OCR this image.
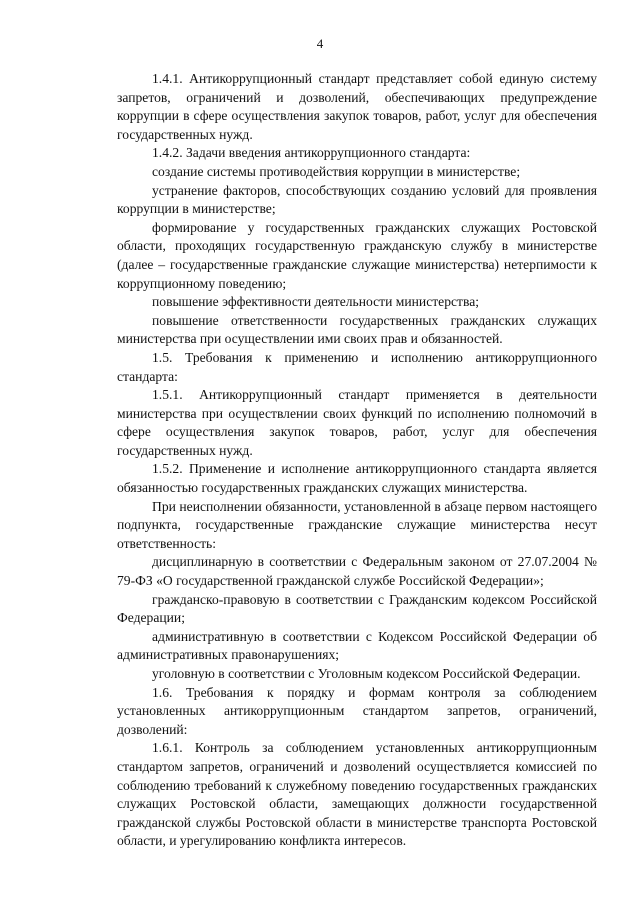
4

1.4.1. Антикоррупционный стандарт представляет собой единую систему запретов, ограничений и дозволений, обеспечивающих предупреждение коррупции в сфере осуществления закупок товаров, работ, услуг для обеспечения государственных нужд.

1.4.2. Задачи введения антикоррупционного стандарта:

создание системы противодействия коррупции в министерстве;

устранение факторов, способствующих созданию условий для проявления коррупции в министерстве;

формирование у государственных гражданских служащих Ростовской области, проходящих государственную гражданскую службу в министерстве (далее – государственные гражданские служащие министерства) нетерпимости к коррупционному поведению;

повышение эффективности деятельности министерства;

повышение ответственности государственных гражданских служащих министерства при осуществлении ими своих прав и обязанностей.

1.5. Требования к применению и исполнению антикоррупционного стандарта:

1.5.1. Антикоррупционный стандарт применяется в деятельности министерства при осуществлении своих функций по исполнению полномочий в сфере осуществления закупок товаров, работ, услуг для обеспечения государственных нужд.

1.5.2. Применение и исполнение антикоррупционного стандарта является обязанностью государственных гражданских служащих министерства.

При неисполнении обязанности, установленной в абзаце первом настоящего подпункта, государственные гражданские служащие министерства несут ответственность:

дисциплинарную в соответствии с Федеральным законом от 27.07.2004 № 79-ФЗ «О государственной гражданской службе Российской Федерации»;

гражданско-правовую в соответствии с Гражданским кодексом Российской Федерации;

административную в соответствии с Кодексом Российской Федерации об административных правонарушениях;

уголовную в соответствии с Уголовным кодексом Российской Федерации.

1.6. Требования к порядку и формам контроля за соблюдением установленных антикоррупционным стандартом запретов, ограничений, дозволений:

1.6.1. Контроль за соблюдением установленных антикоррупционным стандартом запретов, ограничений и дозволений осуществляется комиссией по соблюдению требований к служебному поведению государственных гражданских служащих Ростовской области, замещающих должности государственной гражданской службы Ростовской области в министерстве транспорта Ростовской области, и урегулированию конфликта интересов.
